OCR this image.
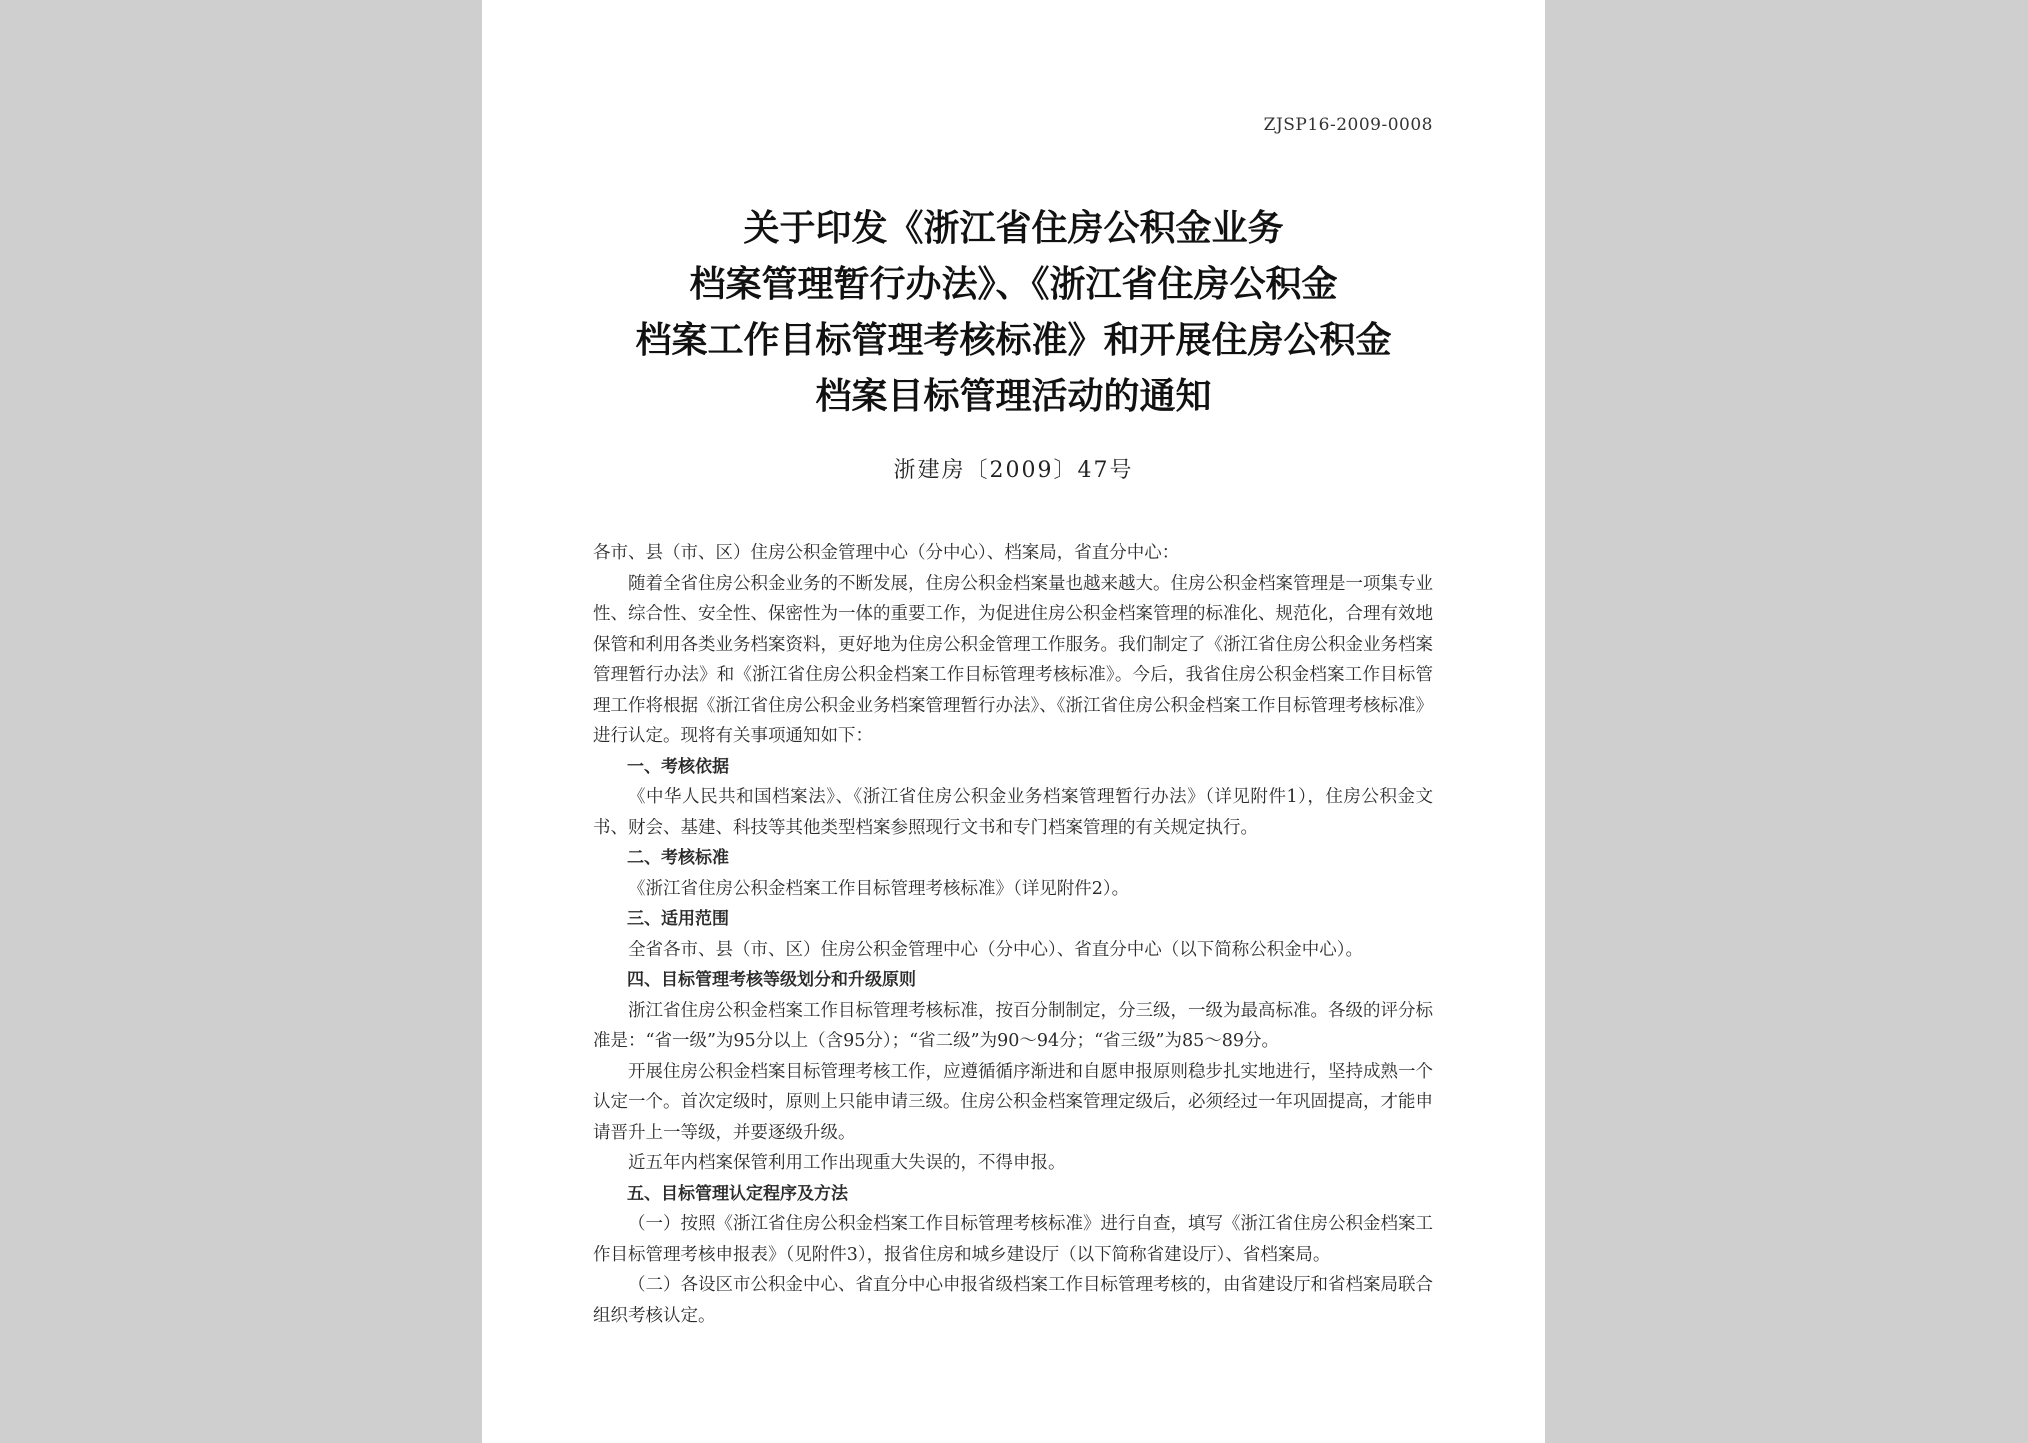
ZJSP16-2009-0008
关于印发《浙江省住房公积金业务
档案管理暂行办法》、《浙江省住房公积金
档案工作目标管理考核标准》和开展住房公积金
档案目标管理活动的通知
浙建房〔2009〕47号

各市、县（市、区）住房公积金管理中心（分中心）、档案局，省直分中心：

随着全省住房公积金业务的不断发展，住房公积金档案量也越来越大。住房公积金档案管理是一项集专业性、综合性、安全性、保密性为一体的重要工作，为促进住房公积金档案管理的标准化、规范化，合理有效地保管和利用各类业务档案资料，更好地为住房公积金管理工作服务。我们制定了《浙江省住房公积金业务档案管理暂行办法》和《浙江省住房公积金档案工作目标管理考核标准》。今后，我省住房公积金档案工作目标管理工作将根据《浙江省住房公积金业务档案管理暂行办法》、《浙江省住房公积金档案工作目标管理考核标准》进行认定。现将有关事项通知如下：

一、考核依据

《中华人民共和国档案法》、《浙江省住房公积金业务档案管理暂行办法》（详见附件1），住房公积金文书、财会、基建、科技等其他类型档案参照现行文书和专门档案管理的有关规定执行。

二、考核标准

《浙江省住房公积金档案工作目标管理考核标准》（详见附件2）。

三、适用范围

全省各市、县（市、区）住房公积金管理中心（分中心）、省直分中心（以下简称公积金中心）。

四、目标管理考核等级划分和升级原则

浙江省住房公积金档案工作目标管理考核标准，按百分制制定，分三级，一级为最高标准。各级的评分标准是：“省一级”为95分以上（含95分）；“省二级”为90～94分；“省三级”为85～89分。

开展住房公积金档案目标管理考核工作，应遵循循序渐进和自愿申报原则稳步扎实地进行，坚持成熟一个认定一个。首次定级时，原则上只能申请三级。住房公积金档案管理定级后，必须经过一年巩固提高，才能申请晋升上一等级，并要逐级升级。

近五年内档案保管利用工作出现重大失误的，不得申报。

五、目标管理认定程序及方法

（一）按照《浙江省住房公积金档案工作目标管理考核标准》进行自查，填写《浙江省住房公积金档案工作目标管理考核申报表》（见附件3），报省住房和城乡建设厅（以下简称省建设厅）、省档案局。

（二）各设区市公积金中心、省直分中心申报省级档案工作目标管理考核的，由省建设厅和省档案局联合组织考核认定。
